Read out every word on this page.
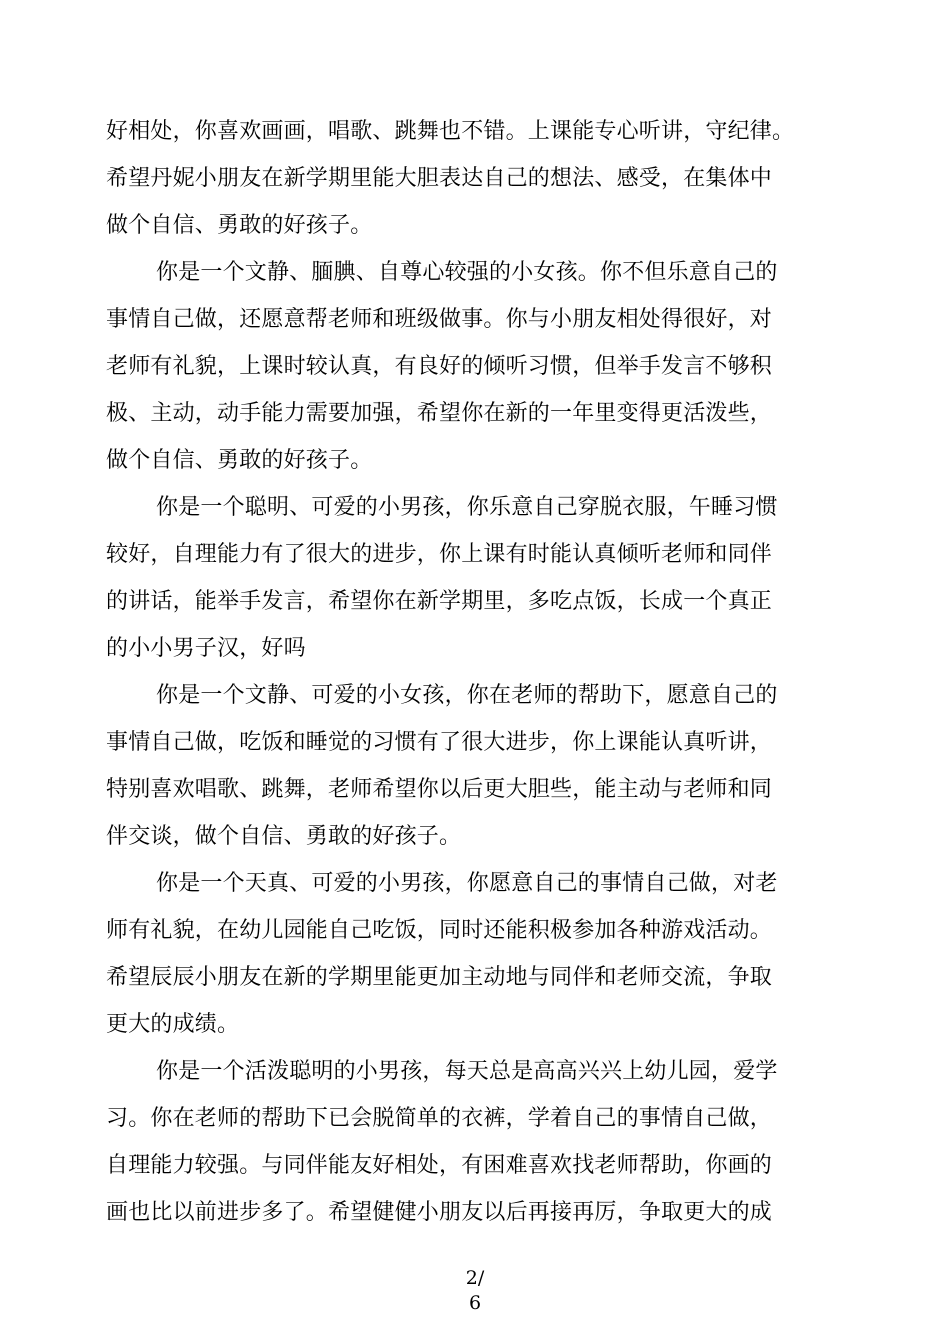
好相处，你喜欢画画，唱歌、跳舞也不错。上课能专心听讲，守纪律。
希望丹妮小朋友在新学期里能大胆表达自己的想法、感受，在集体中
做个自信、勇敢的好孩子。
你是一个文静、腼腆、自尊心较强的小女孩。你不但乐意自己的
事情自己做，还愿意帮老师和班级做事。你与小朋友相处得很好，对
老师有礼貌，上课时较认真，有良好的倾听习惯，但举手发言不够积
极、主动，动手能力需要加强，希望你在新的一年里变得更活泼些，
做个自信、勇敢的好孩子。
你是一个聪明、可爱的小男孩，你乐意自己穿脱衣服，午睡习惯
较好，自理能力有了很大的进步，你上课有时能认真倾听老师和同伴
的讲话，能举手发言，希望你在新学期里，多吃点饭，长成一个真正
的小小男子汉，好吗
你是一个文静、可爱的小女孩，你在老师的帮助下，愿意自己的
事情自己做，吃饭和睡觉的习惯有了很大进步，你上课能认真听讲，
特别喜欢唱歌、跳舞，老师希望你以后更大胆些，能主动与老师和同
伴交谈，做个自信、勇敢的好孩子。
你是一个天真、可爱的小男孩，你愿意自己的事情自己做，对老
师有礼貌，在幼儿园能自己吃饭，同时还能积极参加各种游戏活动。
希望辰辰小朋友在新的学期里能更加主动地与同伴和老师交流，争取
更大的成绩。
你是一个活泼聪明的小男孩，每天总是高高兴兴上幼儿园，爱学
习。你在老师的帮助下已会脱简单的衣裤，学着自己的事情自己做，
自理能力较强。与同伴能友好相处，有困难喜欢找老师帮助，你画的
画也比以前进步多了。希望健健小朋友以后再接再厉，争取更大的成
2/
6
